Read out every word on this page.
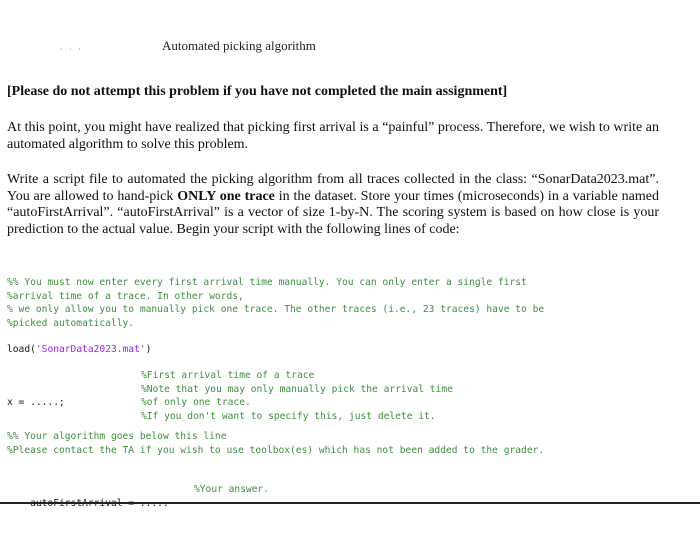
· · ·	Automated picking algorithm
[Please do not attempt this problem if you have not completed the main assignment]

At this point, you might have realized that picking first arrival is a “painful” process. Therefore, we wish to write an automated algorithm to solve this problem.

Write a script file to automated the picking algorithm from all traces collected in the class: “SonarData2023.mat”. You are allowed to hand-pick ONLY one trace in the dataset. Store your times (microseconds) in a variable named “autoFirstArrival”. “autoFirstArrival” is a vector of size 1-by-N. The scoring system is based on how close is your prediction to the actual value. Begin your script with the following lines of code:

%% You must now enter every first arrival time manually. You can only enter a single first
%arrival time of a trace. In other words,
% we only allow you to manually pick one trace. The other traces (i.e., 23 traces) have to be
%picked automatically.
load('SonarData2023.mat')

x = .....;

%First arrival time of a trace
%Note that you may only manually pick the arrival time
%of only one trace.
%If you don't want to specify this, just delete it.

%% Your algorithm goes below this line
%Please contact the TA if you wish to use toolbox(es) which has not been added to the grader.

%Your answer.
